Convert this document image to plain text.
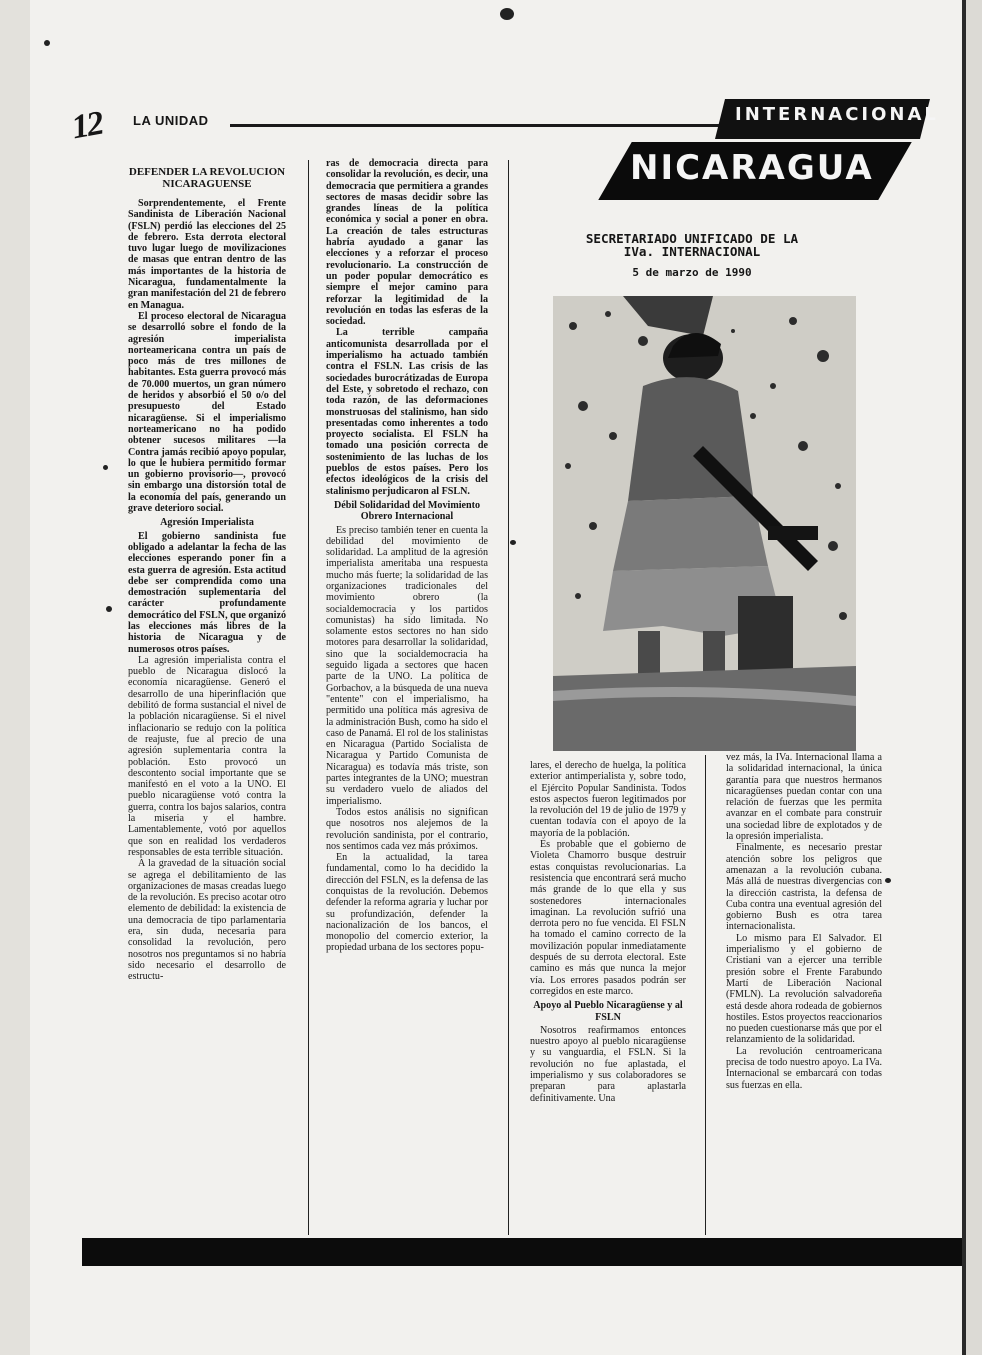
12 LA UNIDAD	INTERNACIONAL
NICARAGUA
SECRETARIADO UNIFICADO DE LA IVa. INTERNACIONAL
5 de marzo de 1990

DEFENDER LA REVOLUCION NICARAGUENSE

Sorprendentemente, el Frente Sandinista de Liberación Nacional (FSLN) perdió las elecciones del 25 de febrero. Esta derrota electoral tuvo lugar luego de movilizaciones de masas que entran dentro de las más importantes de la historia de Nicaragua, fundamentalmente la gran manifestación del 21 de febrero en Managua.

El proceso electoral de Nicaragua se desarrolló sobre el fondo de la agresión imperialista norteamericana contra un país de poco más de tres millones de habitantes. Esta guerra provocó más de 70.000 muertos, un gran número de heridos y absorbió el 50 o/o del presupuesto del Estado nicaragüense. Si el imperialismo norteamericano no ha podido obtener sucesos militares —la Contra jamás recibió apoyo popular, lo que le hubiera permitido formar un gobierno provisorio—, provocó sin embargo una distorsión total de la economía del país, generando un grave deterioro social.

Agresión Imperialista

El gobierno sandinista fue obligado a adelantar la fecha de las elecciones esperando poner fin a esta guerra de agresión. Esta actitud debe ser comprendida como una demostración suplementaria del carácter profundamente democrático del FSLN, que organizó las elecciones más libres de la historia de Nicaragua y de numerosos otros países.

La agresión imperialista contra el pueblo de Nicaragua dislocó la economía nicaragüense. Generó el desarrollo de una hiperinflación que debilitó de forma sustancial el nivel de la población nicaragüense. Si el nivel inflacionario se redujo con la política de reajuste, fue al precio de una agresión suplementaria contra la población. Esto provocó un descontento social importante que se manifestó en el voto a la UNO. El pueblo nicaragüense votó contra la guerra, contra los bajos salarios, contra la miseria y el hambre. Lamentablemente, votó por aquellos que son en realidad los verdaderos responsables de esta terrible situación.

A la gravedad de la situación social se agrega el debilitamiento de las organizaciones de masas creadas luego de la revolución. Es preciso acotar otro elemento de debilidad: la existencia de una democracia de tipo parlamentaria era, sin duda, necesaria para consolidad la revolución, pero nosotros nos preguntamos si no habría sido necesario el desarrollo de estructu-

ras de democracia directa para consolidar la revolución, es decir, una democracia que permitiera a grandes sectores de masas decidir sobre las grandes líneas de la política económica y social a poner en obra. La creación de tales estructuras habría ayudado a ganar las elecciones y a reforzar el proceso revolucionario. La construcción de un poder popular democrático es siempre el mejor camino para reforzar la legitimidad de la revolución en todas las esferas de la sociedad.

La terrible campaña anticomunista desarrollada por el imperialismo ha actuado también contra el FSLN. Las crisis de las sociedades burocrátizadas de Europa del Este, y sobretodo el rechazo, con toda razón, de las deformaciones monstruosas del stalinismo, han sido presentadas como inherentes a todo proyecto socialista. El FSLN ha tomado una posición correcta de sostenimiento de las luchas de los pueblos de estos países. Pero los efectos ideológicos de la crisis del stalinismo perjudicaron al FSLN.

Débil Solidaridad del Movimiento Obrero Internacional

Es preciso también tener en cuenta la debilidad del movimiento de solidaridad. La amplitud de la agresión imperialista ameritaba una respuesta mucho más fuerte; la solidaridad de las organizaciones tradicionales del movimiento obrero (la socialdemocracia y los partidos comunistas) ha sido limitada. No solamente estos sectores no han sido motores para desarrollar la solidaridad, sino que la socialdemocracia ha seguido ligada a sectores que hacen parte de la UNO. La política de Gorbachov, a la búsqueda de una nueva "entente" con el imperialismo, ha permitido una política más agresiva de la administración Bush, como ha sido el caso de Panamá. El rol de los stalinistas en Nicaragua (Partido Socialista de Nicaragua y Partido Comunista de Nicaragua) es todavía más triste, son partes integrantes de la UNO; muestran su verdadero vuelo de aliados del imperialismo.

Todos estos análisis no significan que nosotros nos alejemos de la revolución sandinista, por el contrario, nos sentimos cada vez más próximos.

En la actualidad, la tarea fundamental, como lo ha decidido la dirección del FSLN, es la defensa de las conquistas de la revolución. Debemos defender la reforma agraria y luchar por su profundización, defender la nacionalización de los bancos, el monopolio del comercio exterior, la propiedad urbana de los sectores popu-

lares, el derecho de huelga, la política exterior antimperialista y, sobre todo, el Ejército Popular Sandinista. Todos estos aspectos fueron legitimados por la revolución del 19 de julio de 1979 y cuentan todavía con el apoyo de la mayoría de la población.

Es probable que el gobierno de Violeta Chamorro busque destruir estas conquistas revolucionarias. La resistencia que encontrará será mucho más grande de lo que ella y sus sostenedores internacionales imaginan. La revolución sufrió una derrota pero no fue vencida. El FSLN ha tomado el camino correcto de la movilización popular inmediatamente después de su derrota electoral. Este camino es más que nunca la mejor vía. Los errores pasados podrán ser corregidos en este marco.

Apoyo al Pueblo Nicaragüense y al FSLN

Nosotros reafirmamos entonces nuestro apoyo al pueblo nicaragüense y su vanguardia, el FSLN. Si la revolución no fue aplastada, el imperialismo y sus colaboradores se preparan para aplastarla definitivamente. Una

vez más, la IVa. Internacional llama a la solidaridad internacional, la única garantía para que nuestros hermanos nicaragüenses puedan contar con una relación de fuerzas que les permita avanzar en el combate para construir una sociedad libre de explotados y de la opresión imperialista.

Finalmente, es necesario prestar atención sobre los peligros que amenazan a la revolución cubana. Más allá de nuestras divergencias con la dirección castrista, la defensa de Cuba contra una eventual agresión del gobierno Bush es otra tarea internacionalista.

Lo mismo para El Salvador. El imperialismo y el gobierno de Cristiani van a ejercer una terrible presión sobre el Frente Farabundo Martí de Liberación Nacional (FMLN). La revolución salvadoreña está desde ahora rodeada de gobiernos hostiles. Estos proyectos reaccionarios no pueden cuestionarse más que por el relanzamiento de la solidaridad.

La revolución centroamericana precisa de todo nuestro apoyo. La IVa. Internacional se embarcará con todas sus fuerzas en ella.
